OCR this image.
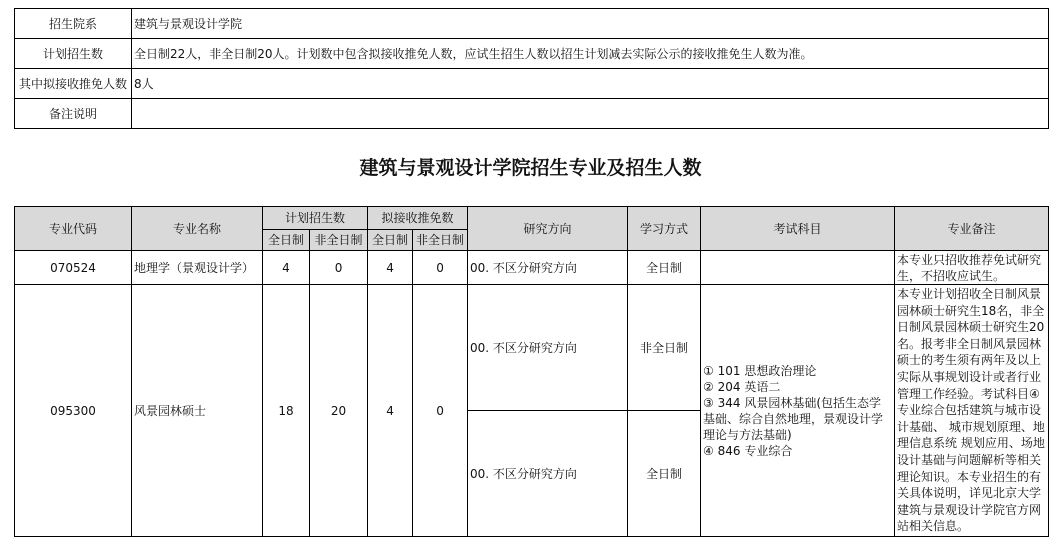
招生院系	建筑与景观设计学院
计划招生数	全日制22人，非全日制20人。计划数中包含拟接收推免人数，应试生招生人数以招生计划减去实际公示的接收推免生人数为准。
其中拟接收推免人数	8人
备注说明	
建筑与景观设计学院招生专业及招生人数
专业代码	专业名称	计划招生数		拟接收推免数		研究方向	学习方式	考试科目	专业备注
		全日制	非全日制	全日制	非全日制				
070524	地理学（景观设计学）	4	0	4	0	00. 不区分研究方向	全日制		本专业只招收推荐免试研究生，不招收应试生。
095300	风景园林硕士	18	20	4	0	00. 不区分研究方向	非全日制	① 101 思想政治理论
② 204 英语二
③ 344 风景园林基础(包括生态学基础、综合自然地理，景观设计学理论与方法基础)
④ 846 专业综合	本专业计划招收全日制风景园林硕士研究生18名，非全日制风景园林硕士研究生20名。报考非全日制风景园林硕士的考生须有两年及以上实际从事规划设计或者行业管理工作经验。考试科目④专业综合包括建筑与城市设计基础、 城市规划原理、地理信息系统 规划应用、场地设计基础与问题解析等相关理论知识。本专业招生的有关具体说明，详见北京大学建筑与景观设计学院官方网站相关信息。
						00. 不区分研究方向	全日制		
